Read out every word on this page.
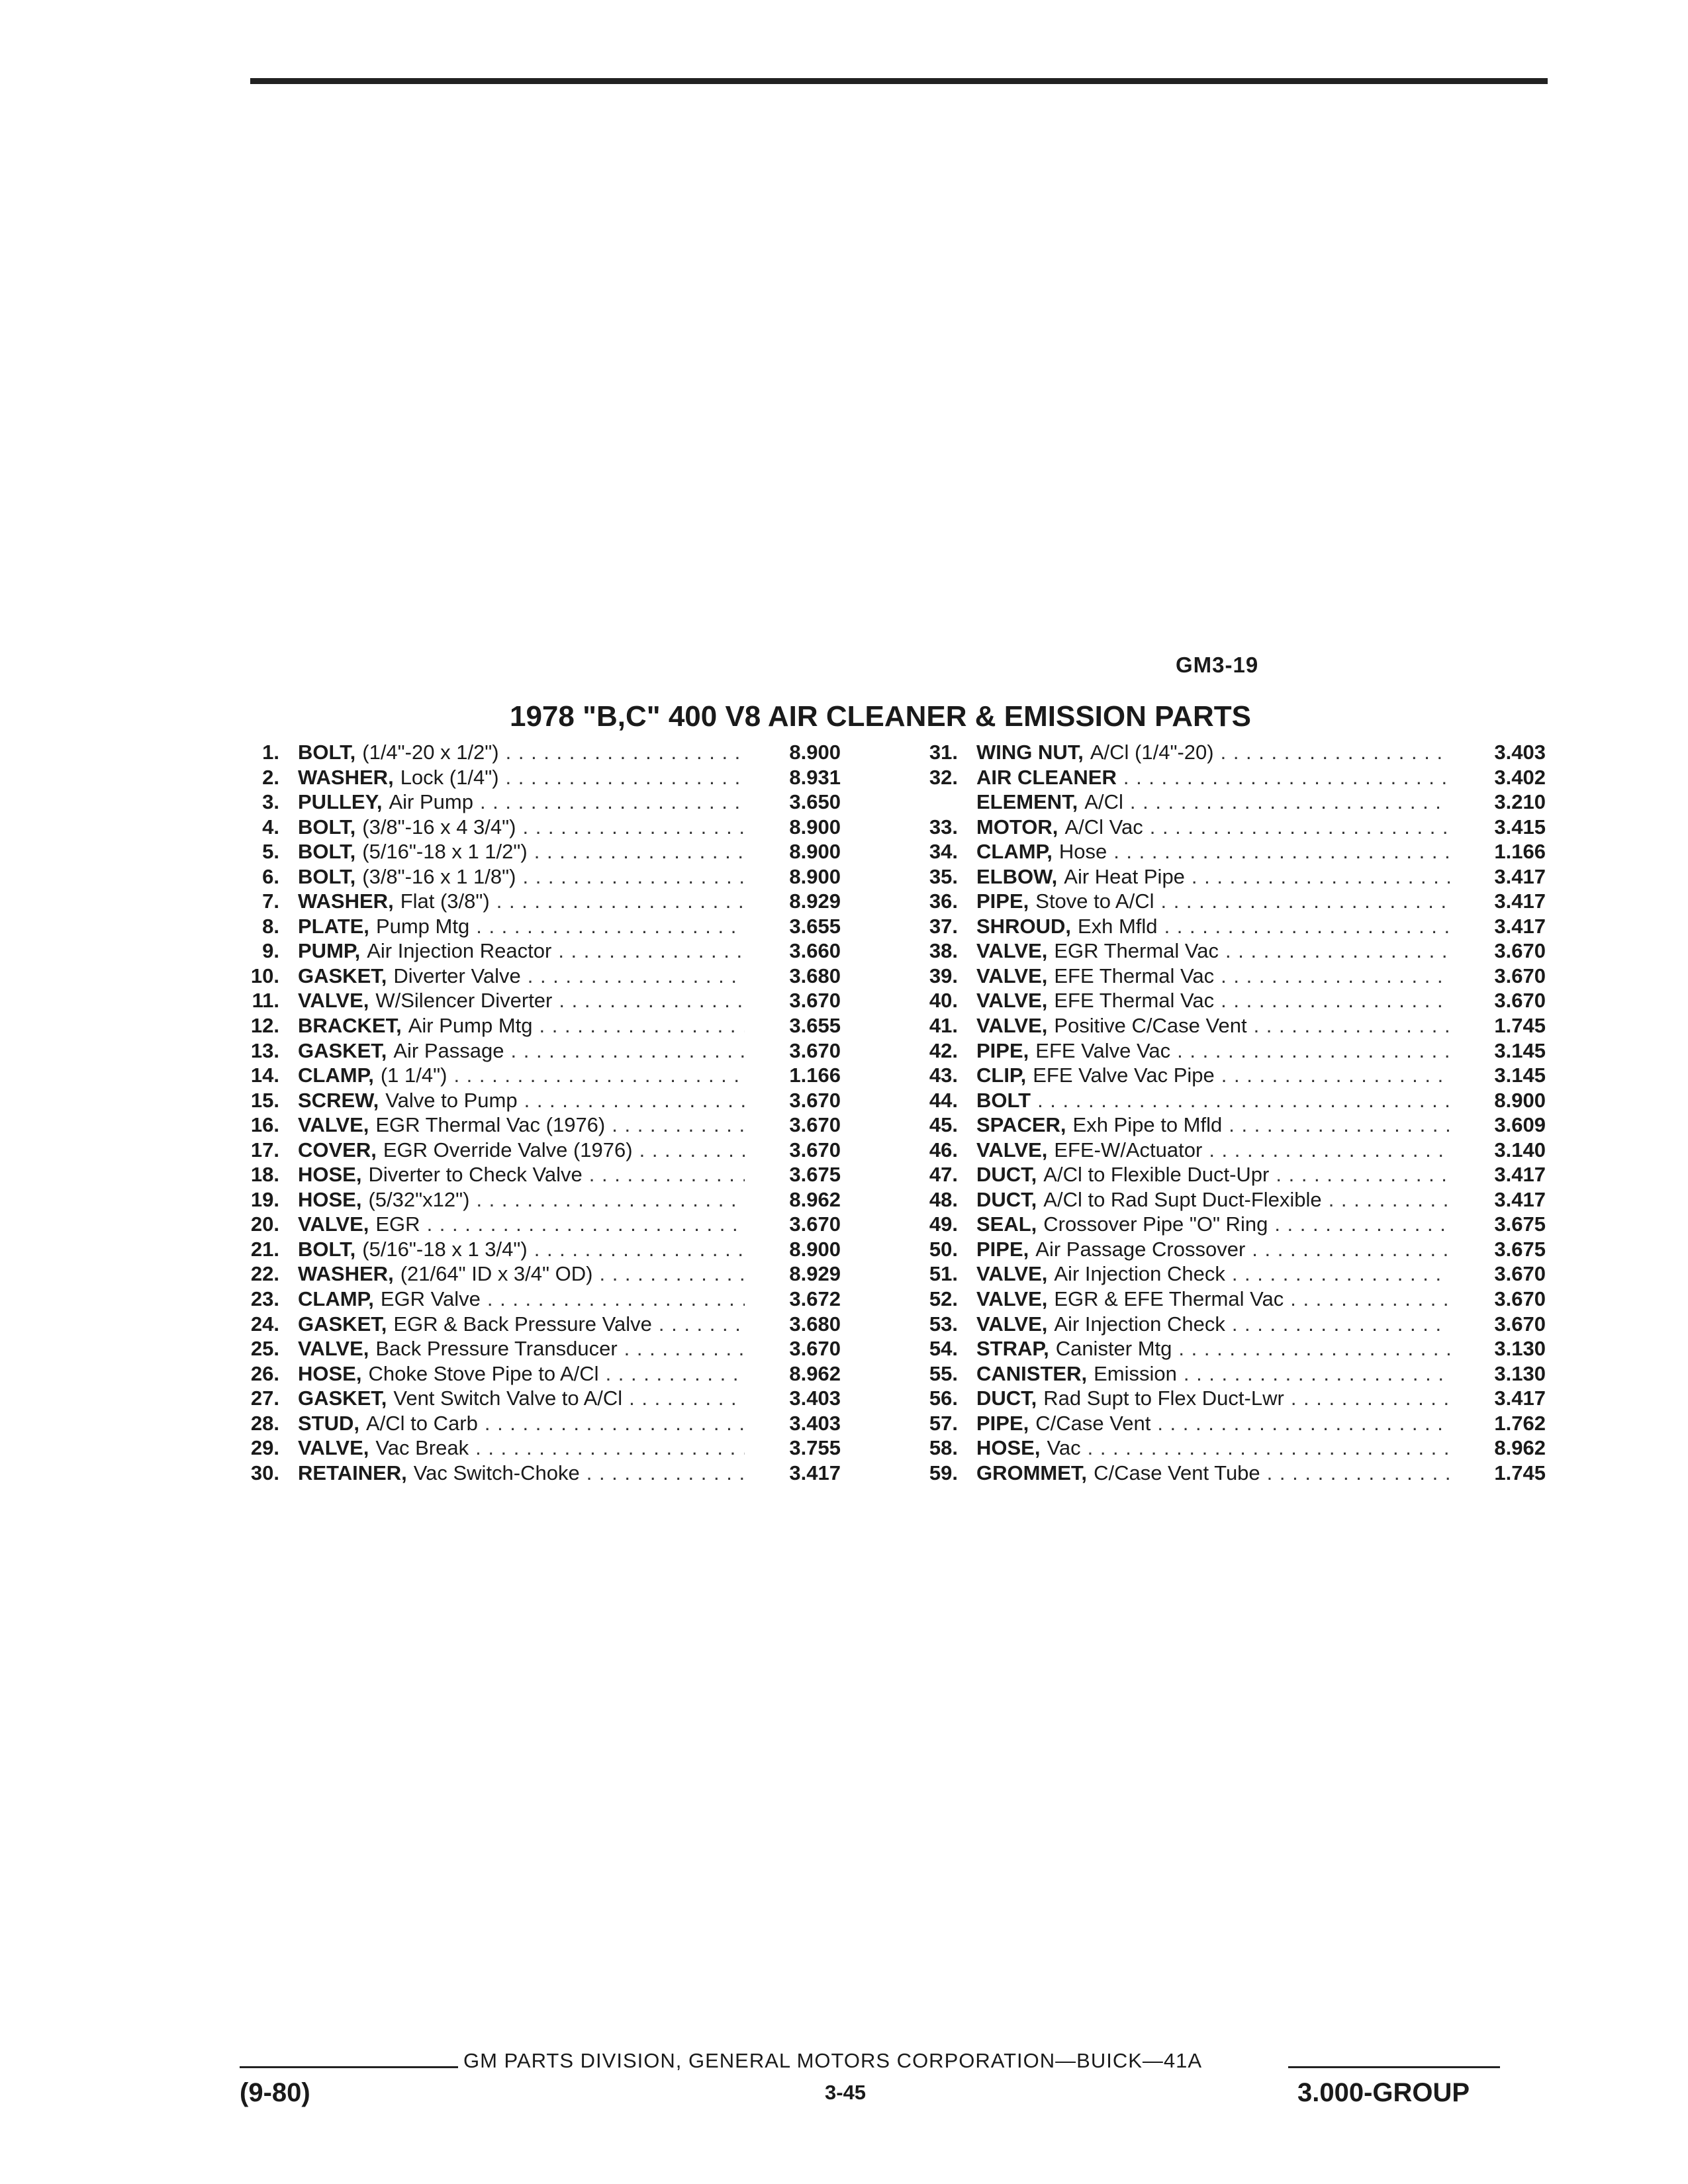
GM3-19
1978 "B,C" 400 V8 AIR CLEANER & EMISSION PARTS
1. BOLT, (1/4"-20 x 1/2") . . .	8.900
2. WASHER, Lock (1/4") . . .	8.931
3. PULLEY, Air Pump . . .	3.650
4. BOLT, (3/8"-16 x 4 3/4") . . .	8.900
5. BOLT, (5/16"-18 x 1 1/2") . . .	8.900
6. BOLT, (3/8"-16 x 1 1/8") . . .	8.900
7. WASHER, Flat (3/8") . . .	8.929
8. PLATE, Pump Mtg . . .	3.655
9. PUMP, Air Injection Reactor . . .	3.660
10. GASKET, Diverter Valve . . .	3.680
11. VALVE, W/Silencer Diverter . . .	3.670
12. BRACKET, Air Pump Mtg . . .	3.655
13. GASKET, Air Passage . . .	3.670
14. CLAMP, (1 1/4") . . .	1.166
15. SCREW, Valve to Pump . . .	3.670
16. VALVE, EGR Thermal Vac (1976) . . .	3.670
17. COVER, EGR Override Valve (1976) . . .	3.670
18. HOSE, Diverter to Check Valve . . .	3.675
19. HOSE, (5/32"x12") . . .	8.962
20. VALVE, EGR . . .	3.670
21. BOLT, (5/16"-18 x 1 3/4") . . .	8.900
22. WASHER, (21/64" ID x 3/4" OD) . . .	8.929
23. CLAMP, EGR Valve . . .	3.672
24. GASKET, EGR & Back Pressure Valve . . .	3.680
25. VALVE, Back Pressure Transducer . . .	3.670
26. HOSE, Choke Stove Pipe to A/Cl . . .	8.962
27. GASKET, Vent Switch Valve to A/Cl . . .	3.403
28. STUD, A/Cl to Carb . . .	3.403
29. VALVE, Vac Break . . .	3.755
30. RETAINER, Vac Switch-Choke . . .	3.417
31. WING NUT, A/Cl (1/4"-20) . . .	3.403
32. AIR CLEANER . . .	3.402
ELEMENT, A/Cl . . .	3.210
33. MOTOR, A/Cl Vac . . .	3.415
34. CLAMP, Hose . . .	1.166
35. ELBOW, Air Heat Pipe . . .	3.417
36. PIPE, Stove to A/Cl . . .	3.417
37. SHROUD, Exh Mfld . . .	3.417
38. VALVE, EGR Thermal Vac . . .	3.670
39. VALVE, EFE Thermal Vac . . .	3.670
40. VALVE, EFE Thermal Vac . . .	3.670
41. VALVE, Positive C/Case Vent . . .	1.745
42. PIPE, EFE Valve Vac . . .	3.145
43. CLIP, EFE Valve Vac Pipe . . .	3.145
44. BOLT . . .	8.900
45. SPACER, Exh Pipe to Mfld . . .	3.609
46. VALVE, EFE-W/Actuator . . .	3.140
47. DUCT, A/Cl to Flexible Duct-Upr . . .	3.417
48. DUCT, A/Cl to Rad Supt Duct-Flexible . . .	3.417
49. SEAL, Crossover Pipe "O" Ring . . .	3.675
50. PIPE, Air Passage Crossover . . .	3.675
51. VALVE, Air Injection Check . . .	3.670
52. VALVE, EGR & EFE Thermal Vac . . .	3.670
53. VALVE, Air Injection Check . . .	3.670
54. STRAP, Canister Mtg . . .	3.130
55. CANISTER, Emission . . .	3.130
56. DUCT, Rad Supt to Flex Duct-Lwr . . .	3.417
57. PIPE, C/Case Vent . . .	1.762
58. HOSE, Vac . . .	8.962
59. GROMMET, C/Case Vent Tube . . .	1.745
GM PARTS DIVISION, GENERAL MOTORS CORPORATION—BUICK—41A
(9-80)	3-45	3.000-GROUP
